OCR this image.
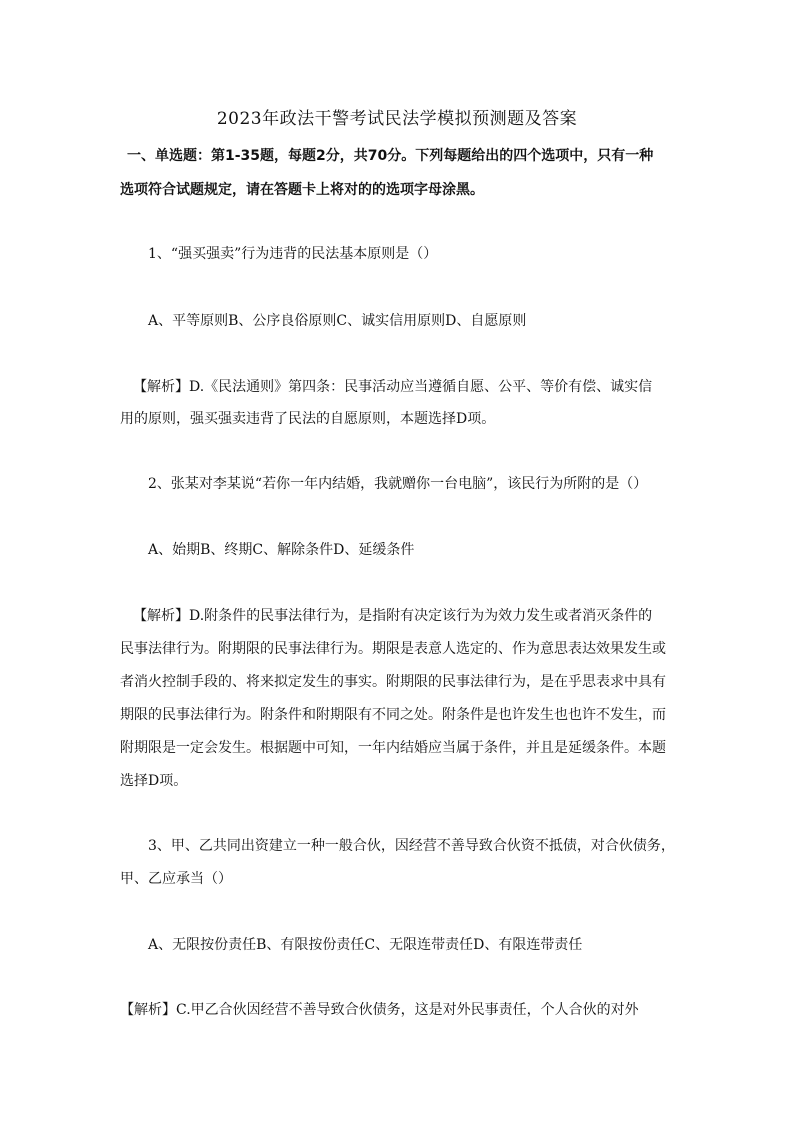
2023年政法干警考试民法学模拟预测题及答案
一、单选题：第1-35题，每题2分，共70分。下列每题给出的四个选项中，只有一种
选项符合试题规定，请在答题卡上将对的的选项字母涂黑。
1、“强买强卖”行为违背的民法基本原则是（）
A、平等原则B、公序良俗原则C、诚实信用原则D、自愿原则
【解析】D.《民法通则》第四条：民事活动应当遵循自愿、公平、等价有偿、诚实信
用的原则，强买强卖违背了民法的自愿原则，本题选择D项。
2、张某对李某说“若你一年内结婚，我就赠你一台电脑”，该民行为所附的是（）
A、始期B、终期C、解除条件D、延缓条件
【解析】D.附条件的民事法律行为，是指附有决定该行为为效力发生或者消灭条件的
民事法律行为。附期限的民事法律行为。期限是表意人选定的、作为意思表达效果发生或
者消火控制手段的、将来拟定发生的事实。附期限的民事法律行为，是在乎思表求中具有
期限的民事法律行为。附条件和附期限有不同之处。附条件是也许发生也也许不发生，而
附期限是一定会发生。根据题中可知，一年内结婚应当属于条件，并且是延缓条件。本题
选择D项。
3、甲、乙共同出资建立一种一般合伙，因经营不善导致合伙资不抵债，对合伙债务，
甲、乙应承当（）
A、无限按份责任B、有限按份责任C、无限连带责任D、有限连带责任
【解析】C.甲乙合伙因经营不善导致合伙债务，这是对外民事责任，个人合伙的对外
